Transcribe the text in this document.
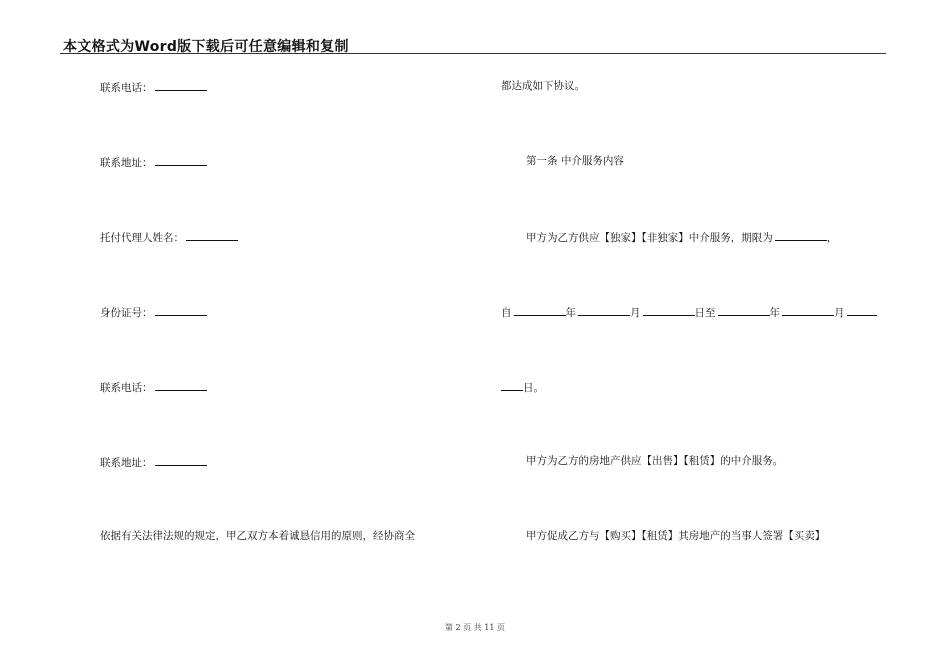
本文格式为Word版下载后可任意编辑和复制
联系电话：
联系地址：
托付代理人姓名：
身份证号：
联系电话：
联系地址：
依据有关法律法规的规定，甲乙双方本着诚恳信用的原则，经协商全
都达成如下协议。
第一条 中介服务内容
甲方为乙方供应【独家】【非独家】中介服务，期限为	，
自	年	月	日至	年	月
日。
甲方为乙方的房地产供应【出售】【租赁】的中介服务。
甲方促成乙方与【购买】【租赁】其房地产的当事人签署【买卖】
第 2 页 共 11 页
